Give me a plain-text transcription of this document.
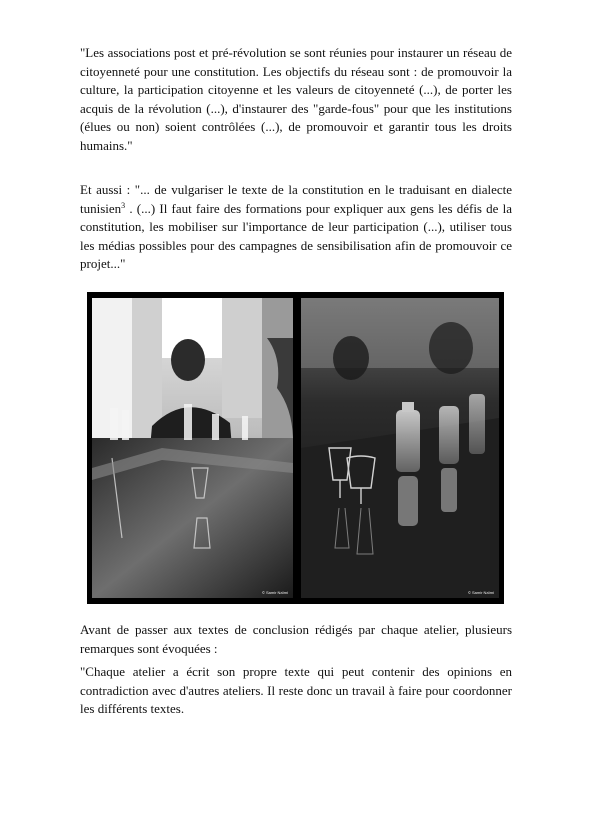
"Les associations post et pré-révolution se sont réunies pour instaurer un réseau de citoyenneté pour une constitution. Les objectifs du réseau sont : de promouvoir la culture, la participation citoyenne et les valeurs de citoyenneté (...), de porter les acquis de la révolution (...), d'instaurer des "garde-fous" pour que les institutions (élues ou non) soient contrôlées (...), de promouvoir et garantir tous les droits humains."

Et aussi : "... de vulgariser le texte de la constitution en le traduisant en dialecte tunisien$^3$ . (...) Il faut faire des formations pour expliquer aux gens les défis de la constitution, les mobiliser sur l'importance de leur participation (...), utiliser tous les médias possibles pour des campagnes de sensibilisation afin de promouvoir ce projet..."

© Samir Naïmi	© Samir Naïmi

Avant de passer aux textes de conclusion rédigés par chaque atelier, plusieurs remarques sont évoquées :

"Chaque atelier a écrit son propre texte qui peut contenir des opinions en contradiction avec d'autres ateliers. Il reste donc un travail à faire pour coordonner les différents textes.
